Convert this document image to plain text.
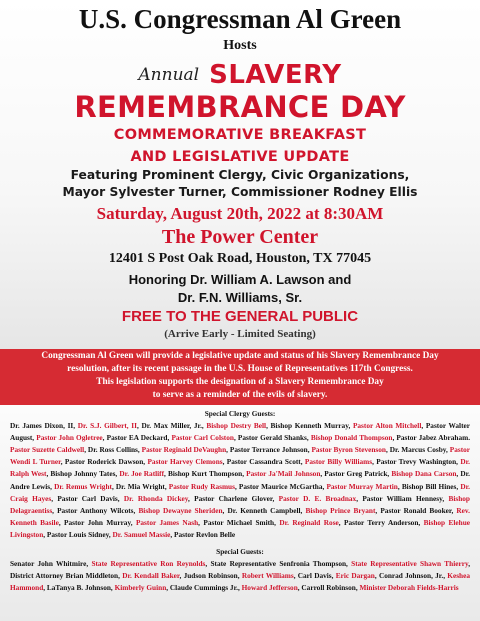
U.S. Congressman Al Green
Hosts
Annual SLAVERY
REMEMBRANCE DAY
COMMEMORATIVE BREAKFAST
AND LEGISLATIVE UPDATE
Featuring Prominent Clergy, Civic Organizations,
Mayor Sylvester Turner, Commissioner Rodney Ellis
Saturday, August 20th, 2022 at 8:30AM
The Power Center
12401 S Post Oak Road, Houston, TX 77045
Honoring Dr. William A. Lawson and
Dr. F.N. Williams, Sr.
FREE TO THE GENERAL PUBLIC
(Arrive Early - Limited Seating)
Congressman Al Green will provide a legislative update and status of his Slavery Remembrance Day
resolution, after its recent passage in the U.S. House of Representatives 117th Congress.
This legislation supports the designation of a Slavery Remembrance Day
to serve as a reminder of the evils of slavery.
Special Clergy Guests:
Dr. James Dixon, II, Dr. S.J. Gilbert, II, Dr. Max Miller, Jr., Bishop Destry Bell, Bishop Kenneth Murray, Pastor Alton Mitchell, Pastor Walter August, Pastor John Ogletree, Pastor EA Deckard, Pastor Carl Colston, Pastor Gerald Shanks, Bishop Donald Thompson, Pastor Jabez Abraham. Pastor Suzette Caldwell, Dr. Ross Collins, Pastor Reginald DeVaughn, Pastor Terrance Johnson, Pastor Byron Stevenson, Dr. Marcus Cosby, Pastor Wendi L Turner, Pastor Roderick Dawson, Pastor Harvey Clemons, Pastor Cassandra Scott, Pastor Billy Williams, Pastor Trevy Washington, Dr. Ralph West, Bishop Johnny Tates, Dr. Joe Ratliff, Bishop Kurt Thompson, Pastor Ja'Mail Johnson, Pastor Greg Patrick, Bishop Dana Carson, Dr. Andre Lewis, Dr. Remus Wright, Dr. Mia Wright, Pastor Rudy Rasmus, Pastor Maurice McGartha, Pastor Murray Martin, Bishop Bill Hines, Dr. Craig Hayes, Pastor Carl Davis, Dr. Rhonda Dickey, Pastor Charlene Glover, Pastor D. E. Broadnax, Pastor William Hennesy, Bishop Delagraentiss, Pastor Anthony Wilcots, Bishop Dewayne Sheriden, Dr. Kenneth Campbell, Bishop Prince Bryant, Pastor Ronald Booker, Rev. Kenneth Basile, Pastor John Murray, Pastor James Nash, Pastor Michael Smith, Dr. Reginald Rose, Pastor Terry Anderson, Bishop Elehue Livingston, Pastor Louis Sidney, Dr. Samuel Massie, Pastor Revlon Belle
Special Guests:
Senator John Whitmire, State Representative Ron Reynolds, State Representative Senfronia Thompson, State Representative Shawn Thierry, District Attorney Brian Middleton, Dr. Kendall Baker, Judson Robinson, Robert Williams, Carl Davis, Eric Dargan, Conrad Johnson, Jr., Keshea Hammond, LaTanya B. Johnson, Kimberly Guinn, Claude Cummings Jr., Howard Jefferson, Carroll Robinson, Minister Deborah Fields-Harris
